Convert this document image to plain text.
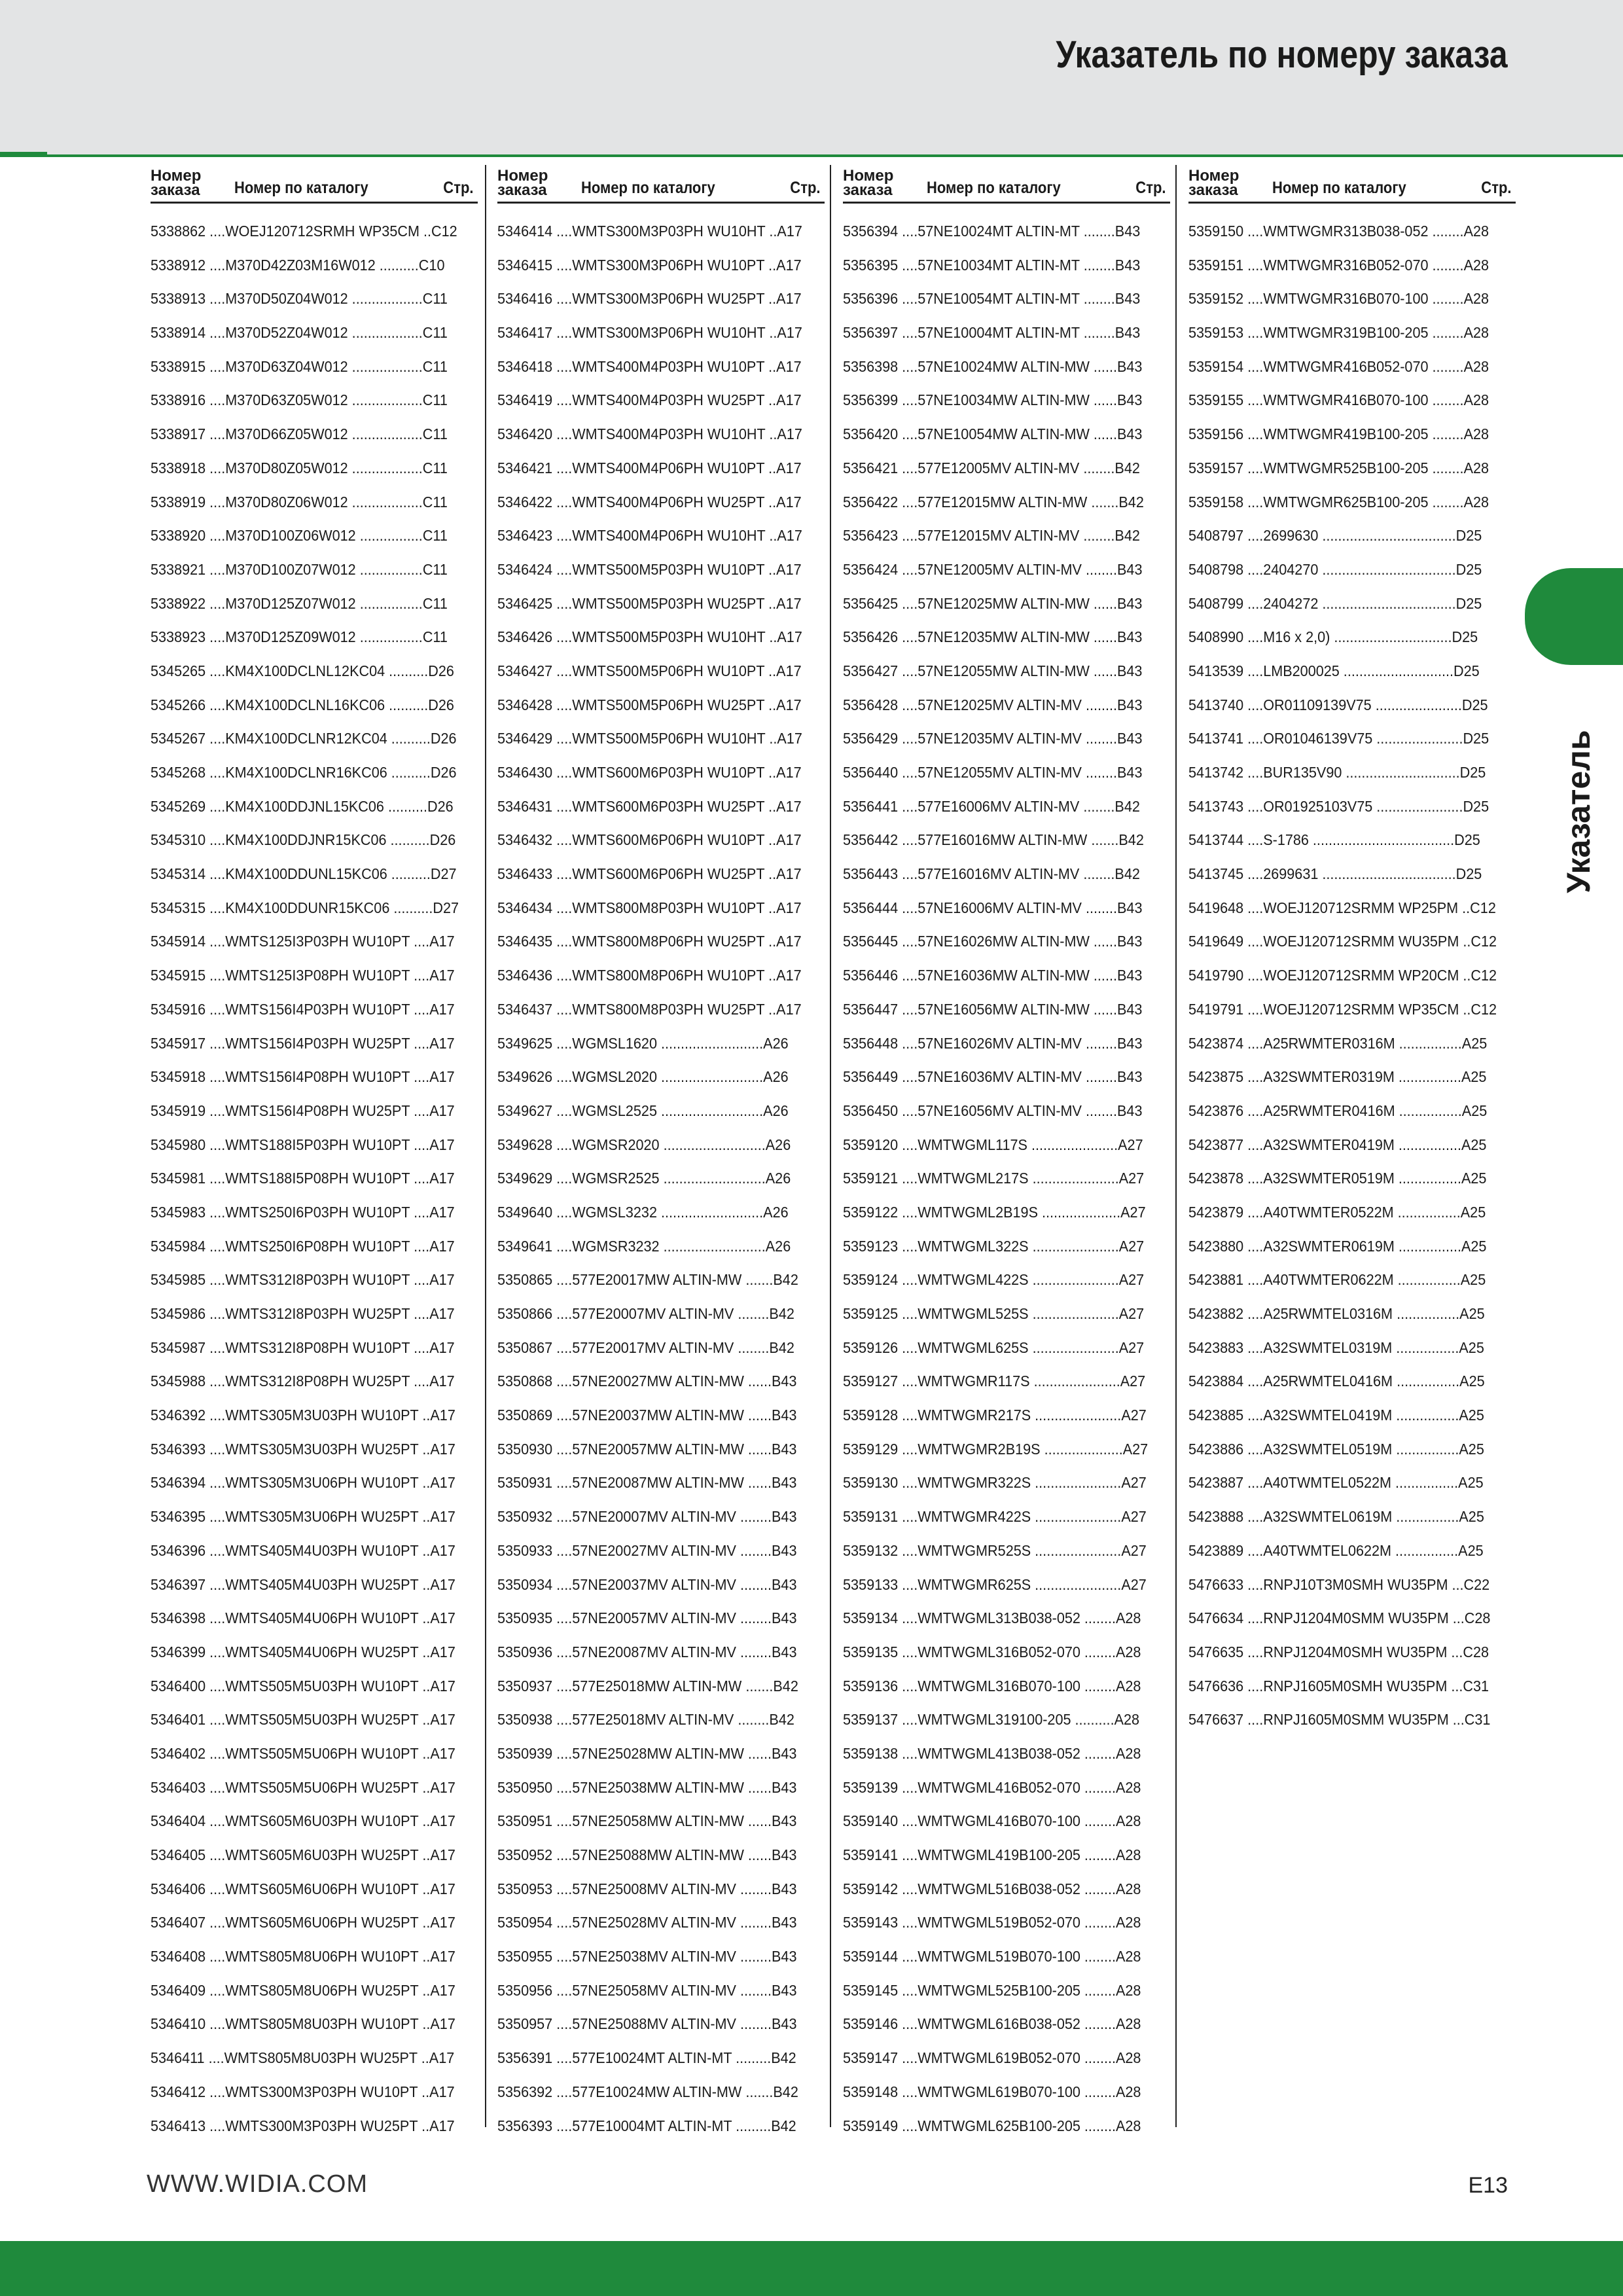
Указатель по номеру заказа
Номер заказа	Номер по каталогу	Стр.
5338862 ....WOEJ120712SRMH WP35CM ..C12
5338912 ....M370D42Z03M16W012 ..........C10
5338913 ....M370D50Z04W012 ..................C11
5338914 ....M370D52Z04W012 ..................C11
5338915 ....M370D63Z04W012 ..................C11
5338916 ....M370D63Z05W012 ..................C11
5338917 ....M370D66Z05W012 ..................C11
5338918 ....M370D80Z05W012 ..................C11
5338919 ....M370D80Z06W012 ..................C11
5338920 ....M370D100Z06W012 ................C11
5338921 ....M370D100Z07W012 ................C11
5338922 ....M370D125Z07W012 ................C11
5338923 ....M370D125Z09W012 ................C11
5345265 ....KM4X100DCLNL12KC04 ..........D26
5345266 ....KM4X100DCLNL16KC06 ..........D26
5345267 ....KM4X100DCLNR12KC04 ..........D26
5345268 ....KM4X100DCLNR16KC06 ..........D26
5345269 ....KM4X100DDJNL15KC06 ..........D26
5345310 ....KM4X100DDJNR15KC06 ..........D26
5345314 ....KM4X100DDUNL15KC06 ..........D27
5345315 ....KM4X100DDUNR15KC06 ..........D27
5345914 ....WMTS125I3P03PH WU10PT ....A17
5345915 ....WMTS125I3P08PH WU10PT ....A17
5345916 ....WMTS156I4P03PH WU10PT ....A17
5345917 ....WMTS156I4P03PH WU25PT ....A17
5345918 ....WMTS156I4P08PH WU10PT ....A17
5345919 ....WMTS156I4P08PH WU25PT ....A17
5345980 ....WMTS188I5P03PH WU10PT ....A17
5345981 ....WMTS188I5P08PH WU10PT ....A17
5345983 ....WMTS250I6P03PH WU10PT ....A17
5345984 ....WMTS250I6P08PH WU10PT ....A17
5345985 ....WMTS312I8P03PH WU10PT ....A17
5345986 ....WMTS312I8P03PH WU25PT ....A17
5345987 ....WMTS312I8P08PH WU10PT ....A17
5345988 ....WMTS312I8P08PH WU25PT ....A17
5346392 ....WMTS305M3U03PH WU10PT ..A17
5346393 ....WMTS305M3U03PH WU25PT ..A17
5346394 ....WMTS305M3U06PH WU10PT ..A17
5346395 ....WMTS305M3U06PH WU25PT ..A17
5346396 ....WMTS405M4U03PH WU10PT ..A17
5346397 ....WMTS405M4U03PH WU25PT ..A17
5346398 ....WMTS405M4U06PH WU10PT ..A17
5346399 ....WMTS405M4U06PH WU25PT ..A17
5346400 ....WMTS505M5U03PH WU10PT ..A17
5346401 ....WMTS505M5U03PH WU25PT ..A17
5346402 ....WMTS505M5U06PH WU10PT ..A17
5346403 ....WMTS505M5U06PH WU25PT ..A17
5346404 ....WMTS605M6U03PH WU10PT ..A17
5346405 ....WMTS605M6U03PH WU25PT ..A17
5346406 ....WMTS605M6U06PH WU10PT ..A17
5346407 ....WMTS605M6U06PH WU25PT ..A17
5346408 ....WMTS805M8U06PH WU10PT ..A17
5346409 ....WMTS805M8U06PH WU25PT ..A17
5346410 ....WMTS805M8U03PH WU10PT ..A17
5346411 ....WMTS805M8U03PH WU25PT ..A17
5346412 ....WMTS300M3P03PH WU10PT ..A17
5346413 ....WMTS300M3P03PH WU25PT ..A17
Номер заказа	Номер по каталогу	Стр.
5346414 ....WMTS300M3P03PH WU10HT ..A17
5346415 ....WMTS300M3P06PH WU10PT ..A17
5346416 ....WMTS300M3P06PH WU25PT ..A17
5346417 ....WMTS300M3P06PH WU10HT ..A17
5346418 ....WMTS400M4P03PH WU10PT ..A17
5346419 ....WMTS400M4P03PH WU25PT ..A17
5346420 ....WMTS400M4P03PH WU10HT ..A17
5346421 ....WMTS400M4P06PH WU10PT ..A17
5346422 ....WMTS400M4P06PH WU25PT ..A17
5346423 ....WMTS400M4P06PH WU10HT ..A17
5346424 ....WMTS500M5P03PH WU10PT ..A17
5346425 ....WMTS500M5P03PH WU25PT ..A17
5346426 ....WMTS500M5P03PH WU10HT ..A17
5346427 ....WMTS500M5P06PH WU10PT ..A17
5346428 ....WMTS500M5P06PH WU25PT ..A17
5346429 ....WMTS500M5P06PH WU10HT ..A17
5346430 ....WMTS600M6P03PH WU10PT ..A17
5346431 ....WMTS600M6P03PH WU25PT ..A17
5346432 ....WMTS600M6P06PH WU10PT ..A17
5346433 ....WMTS600M6P06PH WU25PT ..A17
5346434 ....WMTS800M8P03PH WU10PT ..A17
5346435 ....WMTS800M8P06PH WU25PT ..A17
5346436 ....WMTS800M8P06PH WU10PT ..A17
5346437 ....WMTS800M8P03PH WU25PT ..A17
5349625 ....WGMSL1620 ..........................A26
5349626 ....WGMSL2020 ..........................A26
5349627 ....WGMSL2525 ..........................A26
5349628 ....WGMSR2020 ..........................A26
5349629 ....WGMSR2525 ..........................A26
5349640 ....WGMSL3232 ..........................A26
5349641 ....WGMSR3232 ..........................A26
5350865 ....577E20017MW ALTIN-MW .......B42
5350866 ....577E20007MV ALTIN-MV ........B42
5350867 ....577E20017MV ALTIN-MV ........B42
5350868 ....57NE20027MW ALTIN-MW ......B43
5350869 ....57NE20037MW ALTIN-MW ......B43
5350930 ....57NE20057MW ALTIN-MW ......B43
5350931 ....57NE20087MW ALTIN-MW ......B43
5350932 ....57NE20007MV ALTIN-MV ........B43
5350933 ....57NE20027MV ALTIN-MV ........B43
5350934 ....57NE20037MV ALTIN-MV ........B43
5350935 ....57NE20057MV ALTIN-MV ........B43
5350936 ....57NE20087MV ALTIN-MV ........B43
5350937 ....577E25018MW ALTIN-MW .......B42
5350938 ....577E25018MV ALTIN-MV ........B42
5350939 ....57NE25028MW ALTIN-MW ......B43
5350950 ....57NE25038MW ALTIN-MW ......B43
5350951 ....57NE25058MW ALTIN-MW ......B43
5350952 ....57NE25088MW ALTIN-MW ......B43
5350953 ....57NE25008MV ALTIN-MV ........B43
5350954 ....57NE25028MV ALTIN-MV ........B43
5350955 ....57NE25038MV ALTIN-MV ........B43
5350956 ....57NE25058MV ALTIN-MV ........B43
5350957 ....57NE25088MV ALTIN-MV ........B43
5356391 ....577E10024MT ALTIN-MT .........B42
5356392 ....577E10024MW ALTIN-MW .......B42
5356393 ....577E10004MT ALTIN-MT .........B42
Номер заказа	Номер по каталогу	Стр.
5356394 ....57NE10024MT ALTIN-MT ........B43
5356395 ....57NE10034MT ALTIN-MT ........B43
5356396 ....57NE10054MT ALTIN-MT ........B43
5356397 ....57NE10004MT ALTIN-MT ........B43
5356398 ....57NE10024MW ALTIN-MW ......B43
5356399 ....57NE10034MW ALTIN-MW ......B43
5356420 ....57NE10054MW ALTIN-MW ......B43
5356421 ....577E12005MV ALTIN-MV ........B42
5356422 ....577E12015MW ALTIN-MW .......B42
5356423 ....577E12015MV ALTIN-MV ........B42
5356424 ....57NE12005MV ALTIN-MV ........B43
5356425 ....57NE12025MW ALTIN-MW ......B43
5356426 ....57NE12035MW ALTIN-MW ......B43
5356427 ....57NE12055MW ALTIN-MW ......B43
5356428 ....57NE12025MV ALTIN-MV ........B43
5356429 ....57NE12035MV ALTIN-MV ........B43
5356440 ....57NE12055MV ALTIN-MV ........B43
5356441 ....577E16006MV ALTIN-MV ........B42
5356442 ....577E16016MW ALTIN-MW .......B42
5356443 ....577E16016MV ALTIN-MV ........B42
5356444 ....57NE16006MV ALTIN-MV ........B43
5356445 ....57NE16026MW ALTIN-MW ......B43
5356446 ....57NE16036MW ALTIN-MW ......B43
5356447 ....57NE16056MW ALTIN-MW ......B43
5356448 ....57NE16026MV ALTIN-MV ........B43
5356449 ....57NE16036MV ALTIN-MV ........B43
5356450 ....57NE16056MV ALTIN-MV ........B43
5359120 ....WMTWGML117S ......................A27
5359121 ....WMTWGML217S ......................A27
5359122 ....WMTWGML2B19S ....................A27
5359123 ....WMTWGML322S ......................A27
5359124 ....WMTWGML422S ......................A27
5359125 ....WMTWGML525S ......................A27
5359126 ....WMTWGML625S ......................A27
5359127 ....WMTWGMR117S ......................A27
5359128 ....WMTWGMR217S ......................A27
5359129 ....WMTWGMR2B19S ....................A27
5359130 ....WMTWGMR322S ......................A27
5359131 ....WMTWGMR422S ......................A27
5359132 ....WMTWGMR525S ......................A27
5359133 ....WMTWGMR625S ......................A27
5359134 ....WMTWGML313B038-052 ........A28
5359135 ....WMTWGML316B052-070 ........A28
5359136 ....WMTWGML316B070-100 ........A28
5359137 ....WMTWGML319100-205 ..........A28
5359138 ....WMTWGML413B038-052 ........A28
5359139 ....WMTWGML416B052-070 ........A28
5359140 ....WMTWGML416B070-100 ........A28
5359141 ....WMTWGML419B100-205 ........A28
5359142 ....WMTWGML516B038-052 ........A28
5359143 ....WMTWGML519B052-070 ........A28
5359144 ....WMTWGML519B070-100 ........A28
5359145 ....WMTWGML525B100-205 ........A28
5359146 ....WMTWGML616B038-052 ........A28
5359147 ....WMTWGML619B052-070 ........A28
5359148 ....WMTWGML619B070-100 ........A28
5359149 ....WMTWGML625B100-205 ........A28
Номер заказа	Номер по каталогу	Стр.
5359150 ....WMTWGMR313B038-052 ........A28
5359151 ....WMTWGMR316B052-070 ........A28
5359152 ....WMTWGMR316B070-100 ........A28
5359153 ....WMTWGMR319B100-205 ........A28
5359154 ....WMTWGMR416B052-070 ........A28
5359155 ....WMTWGMR416B070-100 ........A28
5359156 ....WMTWGMR419B100-205 ........A28
5359157 ....WMTWGMR525B100-205 ........A28
5359158 ....WMTWGMR625B100-205 ........A28
5408797 ....2699630 ..................................D25
5408798 ....2404270 ..................................D25
5408799 ....2404272 ..................................D25
5408990 ....M16 x 2,0) ..............................D25
5413539 ....LMB200025 ............................D25
5413740 ....OR01109139V75 ......................D25
5413741 ....OR01046139V75 ......................D25
5413742 ....BUR135V90 .............................D25
5413743 ....OR01925103V75 ......................D25
5413744 ....S-1786 ....................................D25
5413745 ....2699631 ..................................D25
5419648 ....WOEJ120712SRMM WP25PM ..C12
5419649 ....WOEJ120712SRMM WU35PM ..C12
5419790 ....WOEJ120712SRMM WP20CM ..C12
5419791 ....WOEJ120712SRMM WP35CM ..C12
5423874 ....A25RWMTER0316M ................A25
5423875 ....A32SWMTER0319M ................A25
5423876 ....A25RWMTER0416M ................A25
5423877 ....A32SWMTER0419M ................A25
5423878 ....A32SWMTER0519M ................A25
5423879 ....A40TWMTER0522M ................A25
5423880 ....A32SWMTER0619M ................A25
5423881 ....A40TWMTER0622M ................A25
5423882 ....A25RWMTEL0316M ................A25
5423883 ....A32SWMTEL0319M ................A25
5423884 ....A25RWMTEL0416M ................A25
5423885 ....A32SWMTEL0419M ................A25
5423886 ....A32SWMTEL0519M ................A25
5423887 ....A40TWMTEL0522M ................A25
5423888 ....A32SWMTEL0619M ................A25
5423889 ....A40TWMTEL0622M ................A25
5476633 ....RNPJ10T3M0SMH WU35PM ...C22
5476634 ....RNPJ1204M0SMM WU35PM ...C28
5476635 ....RNPJ1204M0SMH WU35PM ...C28
5476636 ....RNPJ1605M0SMH WU35PM ...C31
5476637 ....RNPJ1605M0SMM WU35PM ...C31
Указатель
WWW.WIDIA.COM	E13
